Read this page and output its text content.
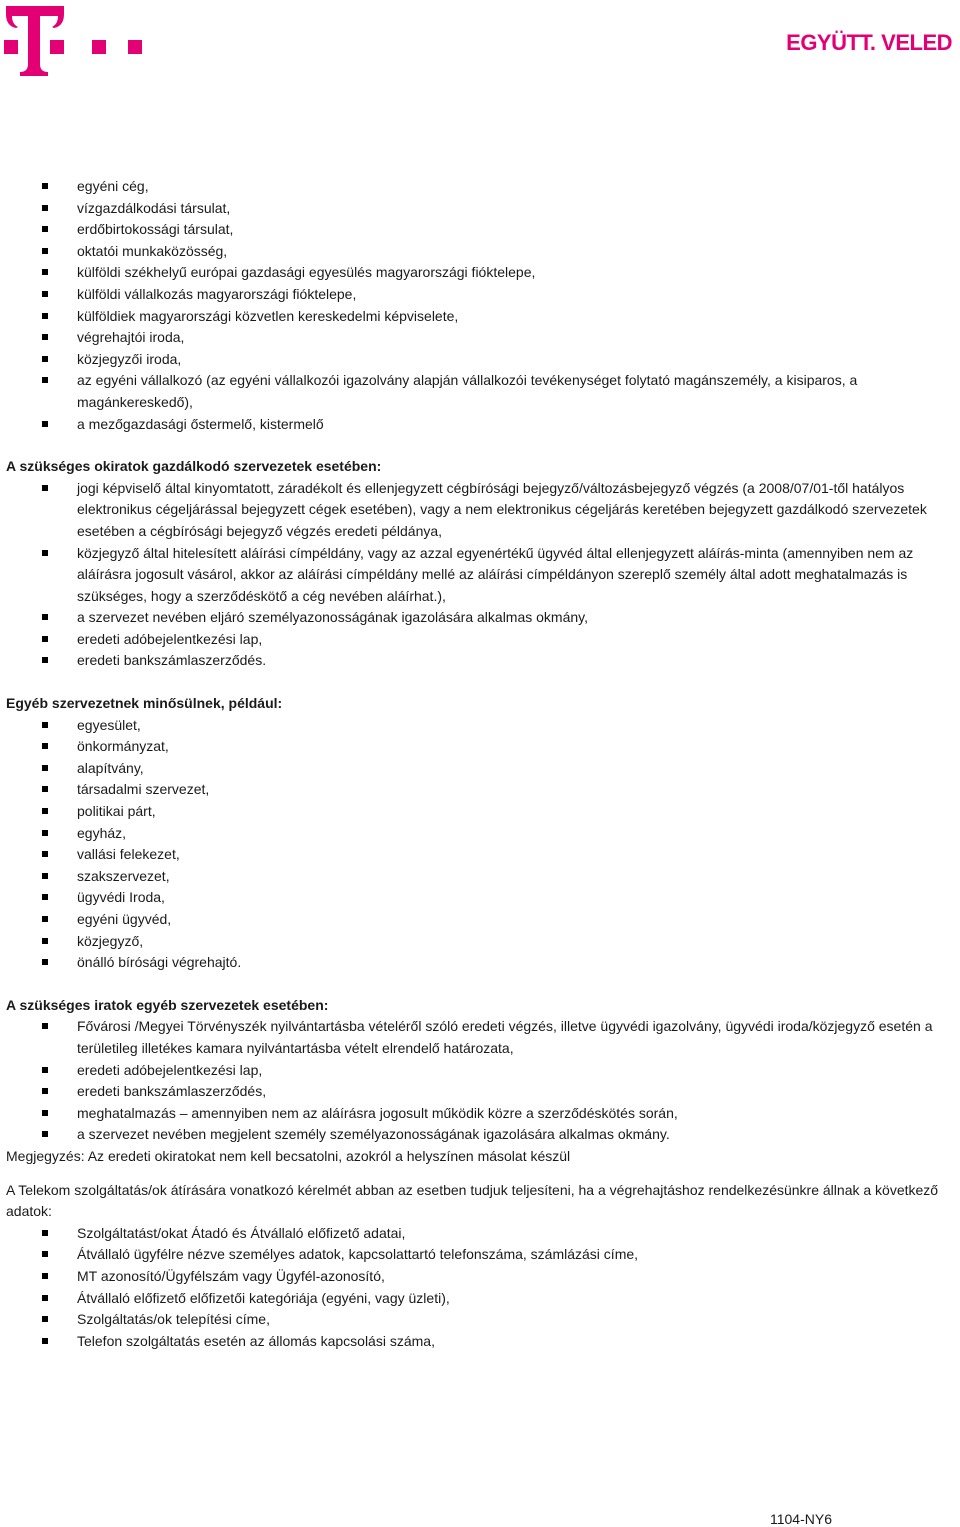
EGYÜTT. VELED
egyéni cég,
vízgazdálkodási társulat,
erdőbirtokossági társulat,
oktatói munkaközösség,
külföldi székhelyű európai gazdasági egyesülés magyarországi fióktelepe,
külföldi vállalkozás magyarországi fióktelepe,
külföldiek magyarországi közvetlen kereskedelmi képviselete,
végrehajtói iroda,
közjegyzői iroda,
az egyéni vállalkozó (az egyéni vállalkozói igazolvány alapján vállalkozói tevékenységet folytató magánszemély, a kisiparos, a magánkereskedő),
a mezőgazdasági őstermelő, kistermelő

A szükséges okiratok gazdálkodó szervezetek esetében:

jogi képviselő által kinyomtatott, záradékolt és ellenjegyzett cégbírósági bejegyző/változásbejegyző végzés (a 2008/07/01-től hatályos elektronikus cégeljárással bejegyzett cégek esetében), vagy a nem elektronikus cégeljárás keretében bejegyzett gazdálkodó szervezetek esetében a cégbírósági bejegyző végzés eredeti példánya,
közjegyző által hitelesített aláírási címpéldány, vagy az azzal egyenértékű ügyvéd által ellenjegyzett aláírás-minta (amennyiben nem az aláírásra jogosult vásárol, akkor az aláírási címpéldány mellé az aláírási címpéldányon szereplő személy által adott meghatalmazás is szükséges, hogy a szerződéskötő a cég nevében aláírhat.),
a szervezet nevében eljáró személyazonosságának igazolására alkalmas okmány,
eredeti adóbejelentkezési lap,
eredeti bankszámlaszerződés.

Egyéb szervezetnek minősülnek, például:

egyesület,
önkormányzat,
alapítvány,
társadalmi szervezet,
politikai párt,
egyház,
vallási felekezet,
szakszervezet,
ügyvédi Iroda,
egyéni ügyvéd,
közjegyző,
önálló bírósági végrehajtó.

A szükséges iratok egyéb szervezetek esetében:

Fővárosi /Megyei Törvényszék nyilvántartásba vételéről szóló eredeti végzés, illetve ügyvédi igazolvány, ügyvédi iroda/közjegyző esetén a területileg illetékes kamara nyilvántartásba vételt elrendelő határozata,
eredeti adóbejelentkezési lap,
eredeti bankszámlaszerződés,
meghatalmazás – amennyiben nem az aláírásra jogosult működik közre a szerződéskötés során,
a szervezet nevében megjelent személy személyazonosságának igazolására alkalmas okmány.

Megjegyzés: Az eredeti okiratokat nem kell becsatolni, azokról a helyszínen másolat készül

A Telekom szolgáltatás/ok átírására vonatkozó kérelmét abban az esetben tudjuk teljesíteni, ha a végrehajtáshoz rendelkezésünkre állnak a következő adatok:

Szolgáltatást/okat Átadó és Átvállaló előfizető adatai,
Átvállaló ügyfélre nézve személyes adatok, kapcsolattartó telefonszáma, számlázási címe,
MT azonosító/Ügyfélszám vagy Ügyfél-azonosító,
Átvállaló előfizető előfizetői kategóriája (egyéni, vagy üzleti),
Szolgáltatás/ok telepítési címe,
Telefon szolgáltatás esetén az állomás kapcsolási száma,
1104-NY6
